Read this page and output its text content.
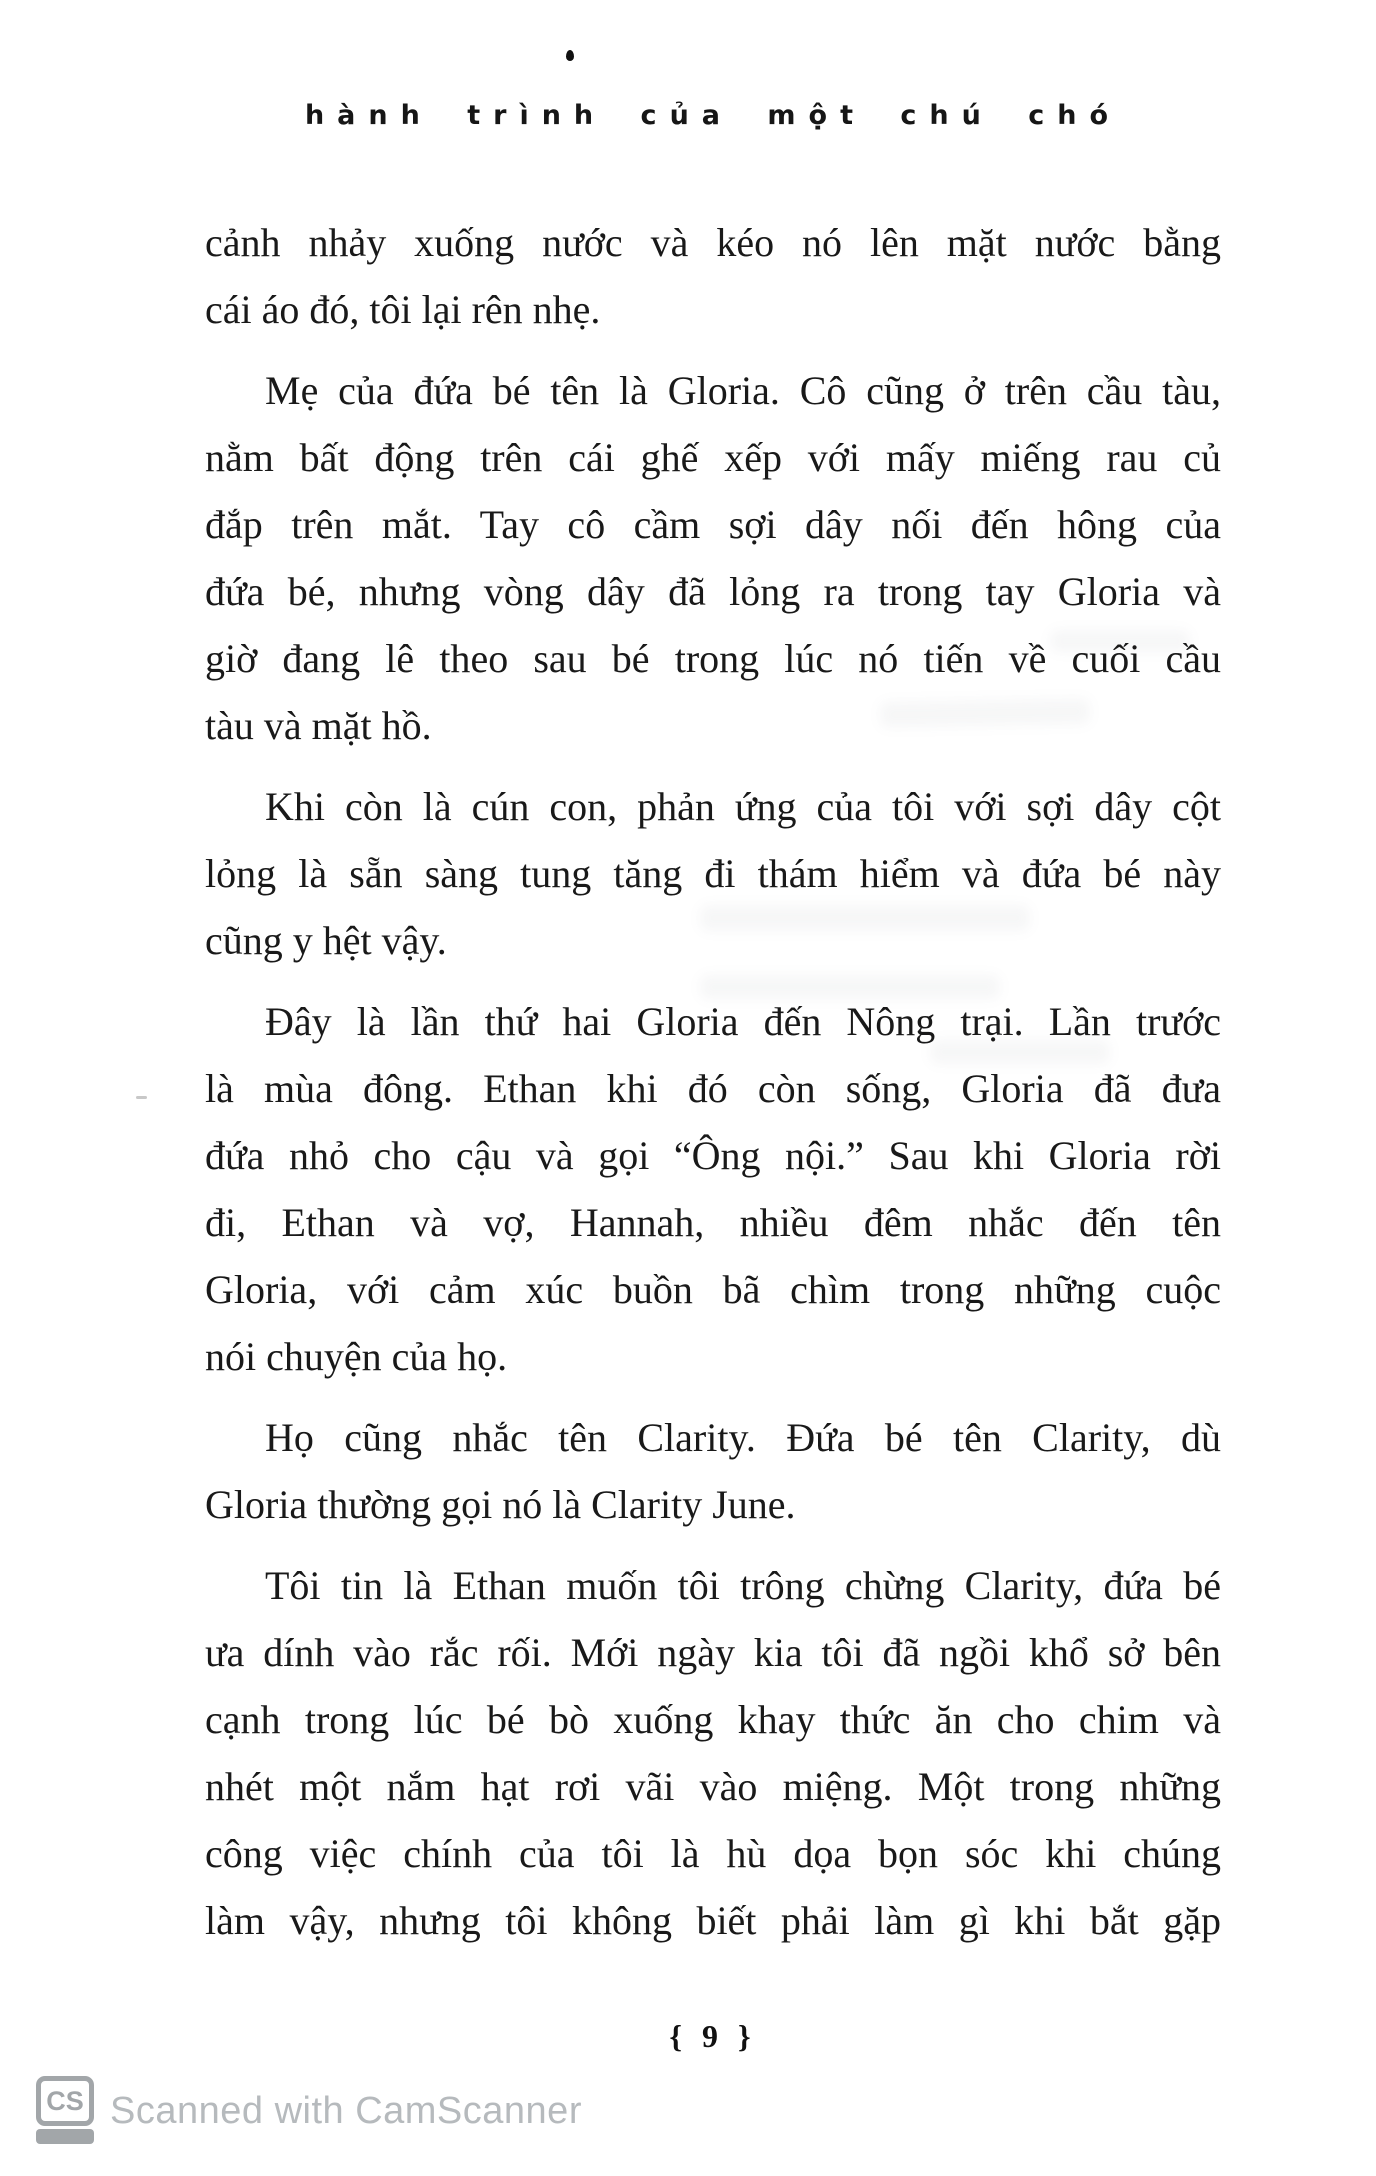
hành trình của một chú chó
cảnh nhảy xuống nước và kéo nó lên mặt nước bằng
cái áo đó, tôi lại rên nhẹ.
Mẹ của đứa bé tên là Gloria. Cô cũng ở trên cầu tàu,
nằm bất động trên cái ghế xếp với mấy miếng rau củ
đắp trên mắt. Tay cô cầm sợi dây nối đến hông của
đứa bé, nhưng vòng dây đã lỏng ra trong tay Gloria và
giờ đang lê theo sau bé trong lúc nó tiến về cuối cầu
tàu và mặt hồ.
Khi còn là cún con, phản ứng của tôi với sợi dây cột
lỏng là sẵn sàng tung tăng đi thám hiểm và đứa bé này
cũng y hệt vậy.
Đây là lần thứ hai Gloria đến Nông trại. Lần trước
là mùa đông. Ethan khi đó còn sống, Gloria đã đưa
đứa nhỏ cho cậu và gọi “Ông nội.” Sau khi Gloria rời
đi, Ethan và vợ, Hannah, nhiều đêm nhắc đến tên
Gloria, với cảm xúc buồn bã chìm trong những cuộc
nói chuyện của họ.
Họ cũng nhắc tên Clarity. Đứa bé tên Clarity, dù
Gloria thường gọi nó là Clarity June.
Tôi tin là Ethan muốn tôi trông chừng Clarity, đứa bé
ưa dính vào rắc rối. Mới ngày kia tôi đã ngồi khổ sở bên
cạnh trong lúc bé bò xuống khay thức ăn cho chim và
nhét một nắm hạt rơi vãi vào miệng. Một trong những
công việc chính của tôi là hù dọa bọn sóc khi chúng
làm vậy, nhưng tôi không biết phải làm gì khi bắt gặp
{ 9 }
CS Scanned with CamScanner
